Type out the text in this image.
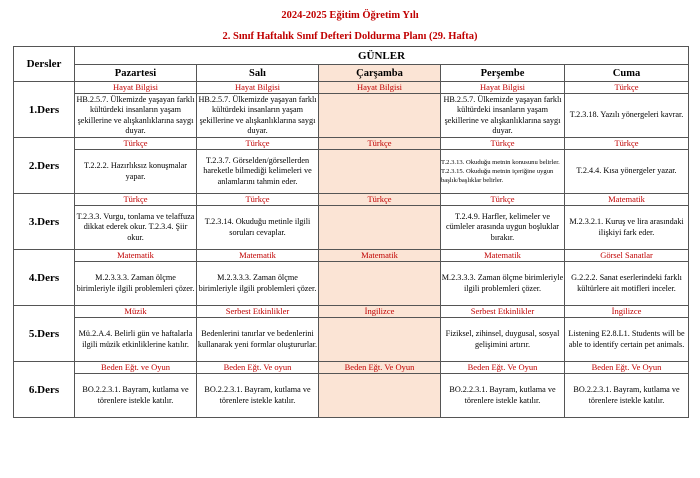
2024-2025 Eğitim Öğretim Yılı
2. Sınıf Haftalık Sınıf Defteri Doldurma Planı (29. Hafta)
Dersler	GÜNLER				
	Pazartesi	Salı	Çarşamba	Perşembe	Cuma
1.Ders	Hayat Bilgisi	Hayat Bilgisi	Hayat Bilgisi	Hayat Bilgisi	Türkçe
	HB.2.5.7. Ülkemizde yaşayan farklı kültürdeki insanların yaşam şekillerine ve alışkanlıklarına saygı duyar.	HB.2.5.7. Ülkemizde yaşayan farklı kültürdeki insanların yaşam şekillerine ve alışkanlıklarına saygı duyar.		HB.2.5.7. Ülkemizde yaşayan farklı kültürdeki insanların yaşam şekillerine ve alışkanlıklarına saygı duyar.	T.2.3.18. Yazılı yönergeleri kavrar.
2.Ders	Türkçe	Türkçe	Türkçe	Türkçe	Türkçe
	T.2.2.2. Hazırlıksız konuşmalar yapar.	T.2.3.7. Görselden/görsellerden hareketle bilmediği kelimeleri ve anlamlarını tahmin eder.		T.2.3.13. Okuduğu metnin konusunu belirler. T.2.3.15. Okuduğu metnin içeriğine uygun başlık/başlıklar belirler.	T.2.4.4. Kısa yönergeler yazar.
3.Ders	Türkçe	Türkçe	Türkçe	Türkçe	Matematik
	T.2.3.3. Vurgu, tonlama ve telaffuza dikkat ederek okur. T.2.3.4. Şiir okur.	T.2.3.14. Okuduğu metinle ilgili soruları cevaplar.		T.2.4.9. Harfler, kelimeler ve cümleler arasında uygun boşluklar bırakır.	M.2.3.2.1. Kuruş ve lira arasındaki ilişkiyi fark eder.
4.Ders	Matematik	Matematik	Matematik	Matematik	Görsel Sanatlar
	M.2.3.3.3. Zaman ölçme birimleriyle ilgili problemleri çözer.	M.2.3.3.3. Zaman ölçme birimleriyle ilgili problemleri çözer.		M.2.3.3.3. Zaman ölçme birimleriyle ilgili problemleri çözer.	G.2.2.2. Sanat eserlerindeki farklı kültürlere ait motifleri inceler.
5.Ders	Müzik	Serbest Etkinlikler	İngilizce	Serbest Etkinlikler	İngilizce
	Mü.2.A.4. Belirli gün ve haftalarla ilgili müzik etkinliklerine katılır.	Bedenlerini tanırlar ve bedenlerini kullanarak yeni formlar oluştururlar.		Fiziksel, zihinsel, duygusal, sosyal gelişimini artırır.	Listening E2.8.L1. Students will be able to identify certain pet animals.
6.Ders	Beden Eğt. ve Oyun	Beden Eğt. Ve oyun	Beden Eğt. Ve Oyun	Beden Eğt. Ve Oyun	Beden Eğt. Ve Oyun
	BO.2.2.3.1. Bayram, kutlama ve törenlere istekle katılır.	BO.2.2.3.1. Bayram, kutlama ve törenlere istekle katılır.		BO.2.2.3.1. Bayram, kutlama ve törenlere istekle katılır.	BO.2.2.3.1. Bayram, kutlama ve törenlere istekle katılır.
